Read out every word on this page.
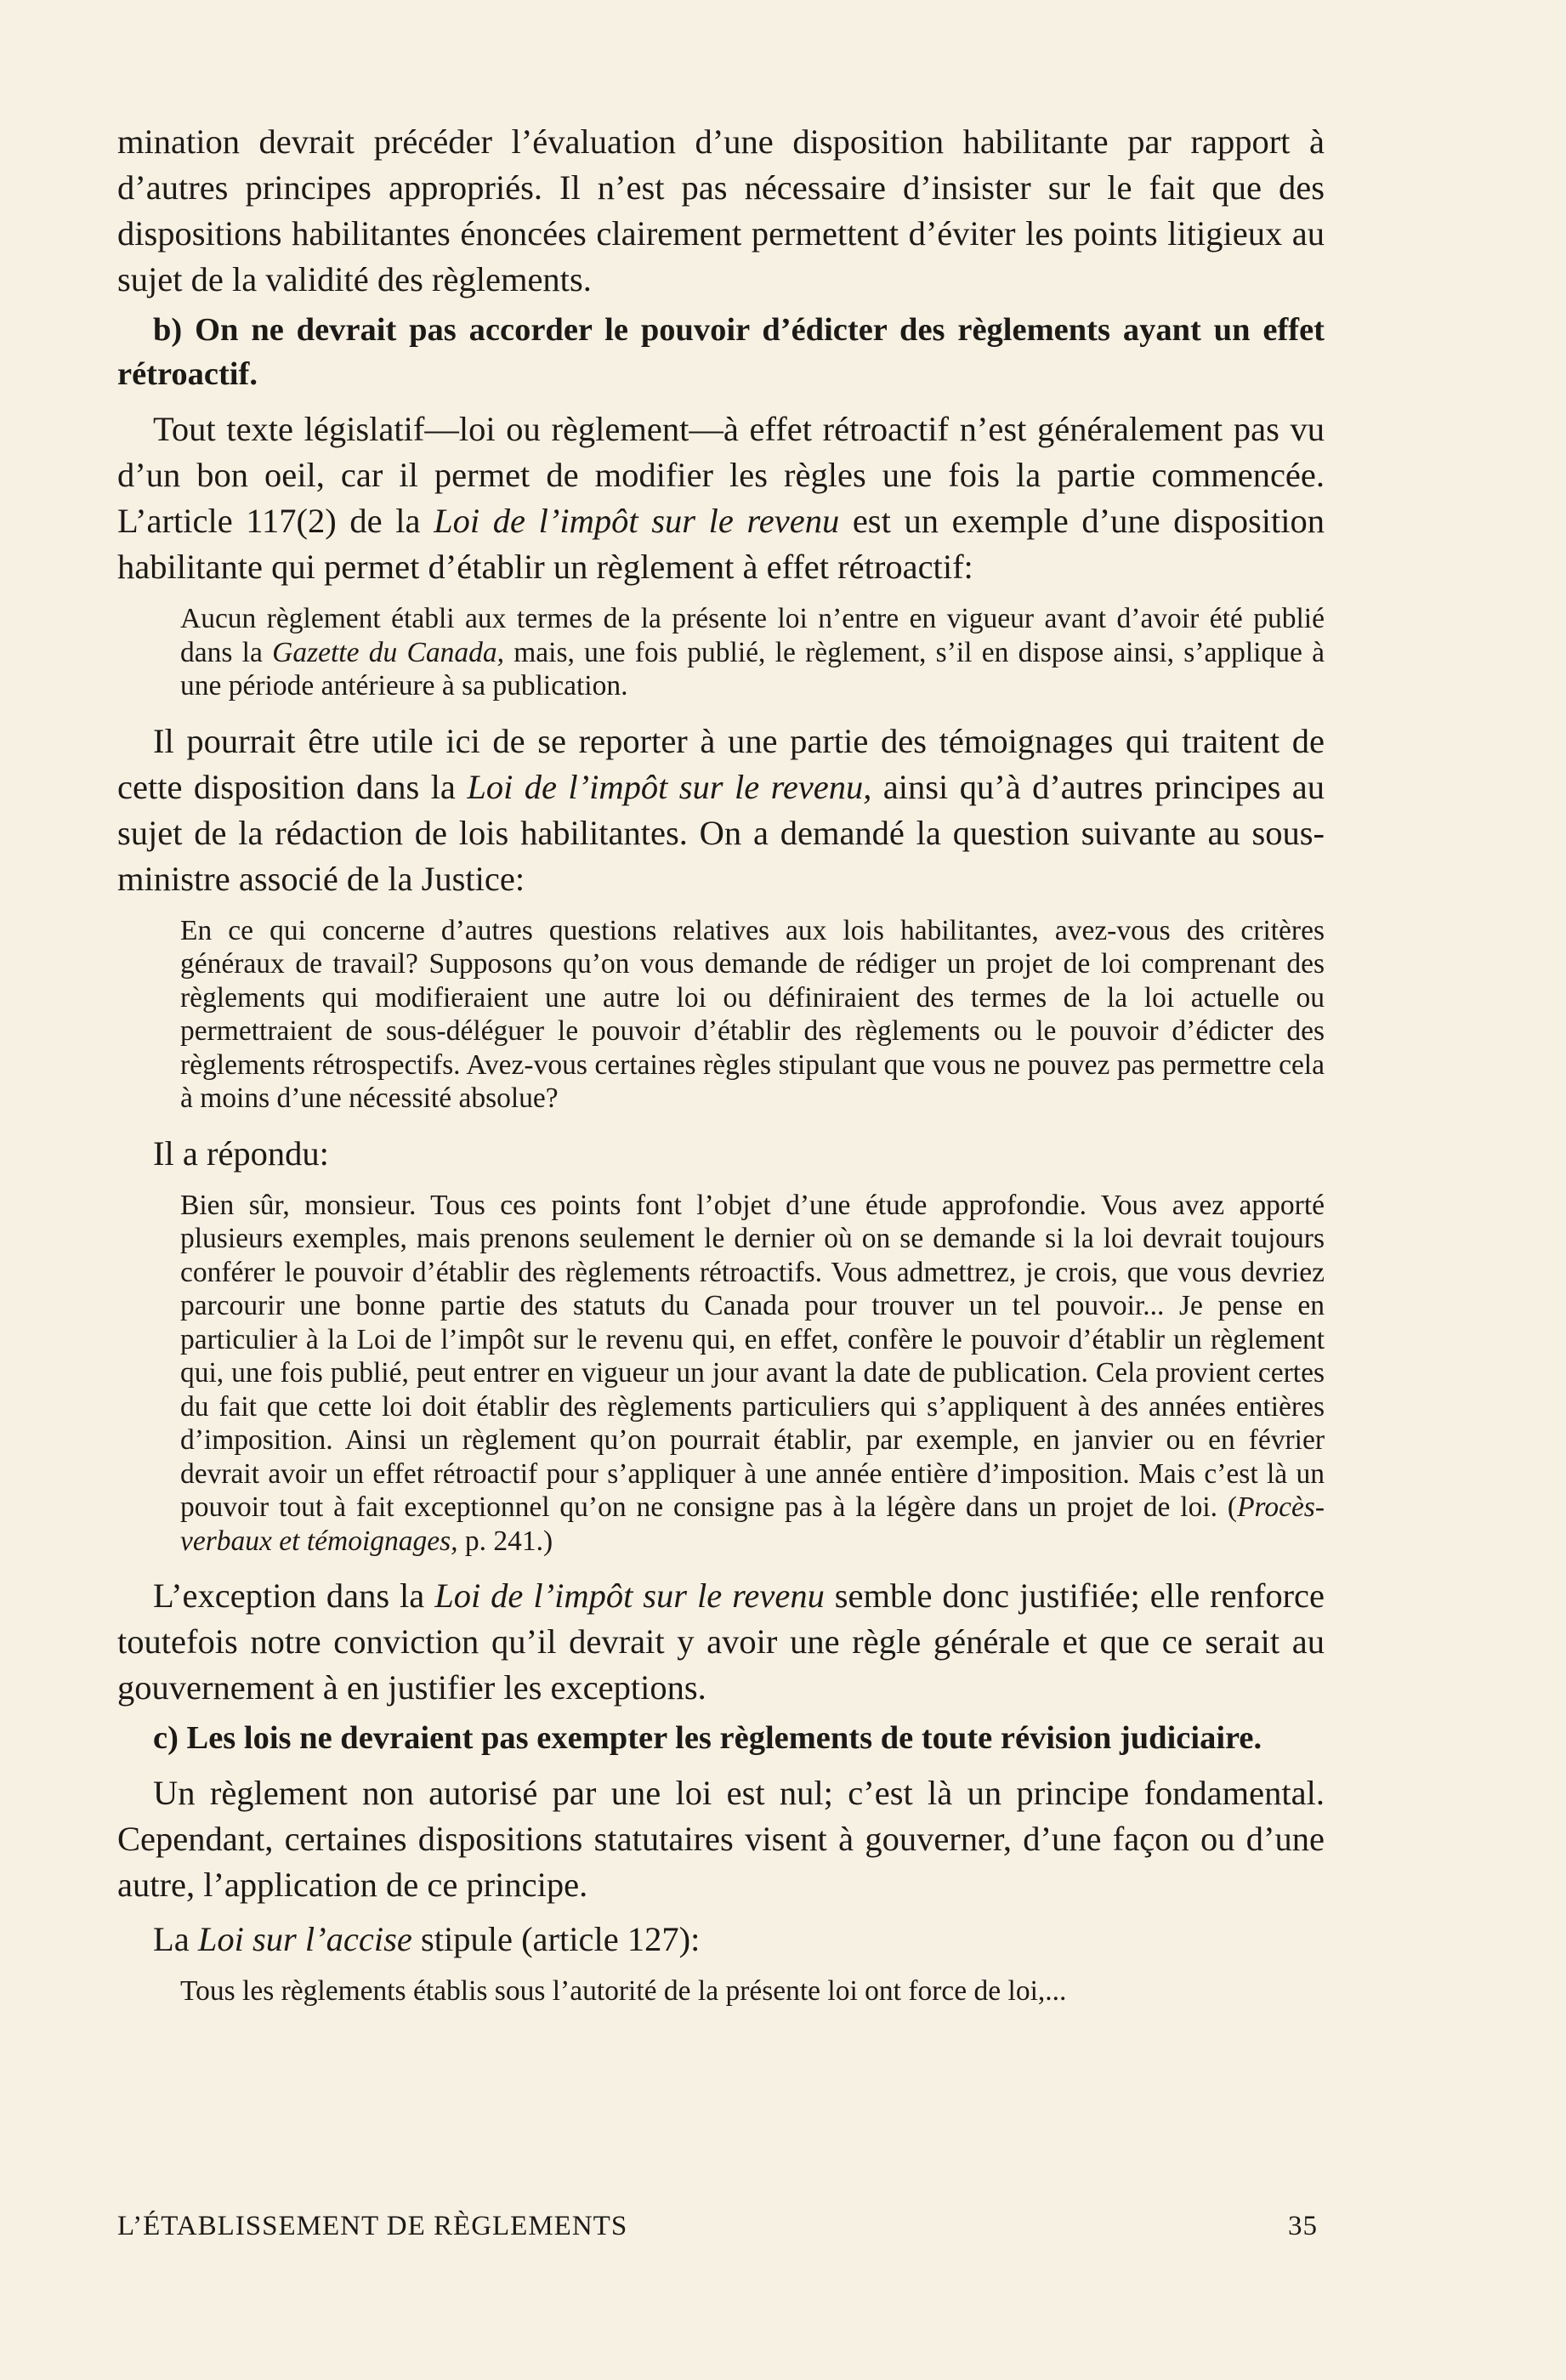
mination devrait précéder l’évaluation d’une disposition habilitante par rapport à d’autres principes appropriés. Il n’est pas nécessaire d’insister sur le fait que des dispositions habilitantes énoncées clairement permettent d’éviter les points litigieux au sujet de la validité des règlements.

b) On ne devrait pas accorder le pouvoir d’édicter des règlements ayant un effet rétroactif.

Tout texte législatif—loi ou règlement—à effet rétroactif n’est généralement pas vu d’un bon oeil, car il permet de modifier les règles une fois la partie commencée. L’article 117(2) de la Loi de l’impôt sur le revenu est un exemple d’une disposition habilitante qui permet d’établir un règlement à effet rétroactif:

Aucun règlement établi aux termes de la présente loi n’entre en vigueur avant d’avoir été publié dans la Gazette du Canada, mais, une fois publié, le règlement, s’il en dispose ainsi, s’applique à une période antérieure à sa publication.

Il pourrait être utile ici de se reporter à une partie des témoignages qui traitent de cette disposition dans la Loi de l’impôt sur le revenu, ainsi qu’à d’autres principes au sujet de la rédaction de lois habilitantes. On a demandé la question suivante au sous-ministre associé de la Justice:

En ce qui concerne d’autres questions relatives aux lois habilitantes, avez-vous des critères généraux de travail? Supposons qu’on vous demande de rédiger un projet de loi comprenant des règlements qui modifieraient une autre loi ou définiraient des termes de la loi actuelle ou permettraient de sous-déléguer le pouvoir d’établir des règlements ou le pouvoir d’édicter des règlements rétrospectifs. Avez-vous certaines règles stipulant que vous ne pouvez pas permettre cela à moins d’une nécessité absolue?

Il a répondu:

Bien sûr, monsieur. Tous ces points font l’objet d’une étude approfondie. Vous avez apporté plusieurs exemples, mais prenons seulement le dernier où on se demande si la loi devrait toujours conférer le pouvoir d’établir des règlements rétroactifs. Vous admettrez, je crois, que vous devriez parcourir une bonne partie des statuts du Canada pour trouver un tel pouvoir... Je pense en particulier à la Loi de l’impôt sur le revenu qui, en effet, confère le pouvoir d’établir un règlement qui, une fois publié, peut entrer en vigueur un jour avant la date de publication. Cela provient certes du fait que cette loi doit établir des règlements particuliers qui s’appliquent à des années entières d’imposition. Ainsi un règlement qu’on pourrait établir, par exemple, en janvier ou en février devrait avoir un effet rétroactif pour s’appliquer à une année entière d’imposition. Mais c’est là un pouvoir tout à fait exceptionnel qu’on ne consigne pas à la légère dans un projet de loi. (Procès-verbaux et témoignages, p. 241.)

L’exception dans la Loi de l’impôt sur le revenu semble donc justifiée; elle renforce toutefois notre conviction qu’il devrait y avoir une règle générale et que ce serait au gouvernement à en justifier les exceptions.

c) Les lois ne devraient pas exempter les règlements de toute révision judiciaire.

Un règlement non autorisé par une loi est nul; c’est là un principe fondamental. Cependant, certaines dispositions statutaires visent à gouverner, d’une façon ou d’une autre, l’application de ce principe.

La Loi sur l’accise stipule (article 127):

Tous les règlements établis sous l’autorité de la présente loi ont force de loi,...

L’ÉTABLISSEMENT DE RÈGLEMENTS	35
